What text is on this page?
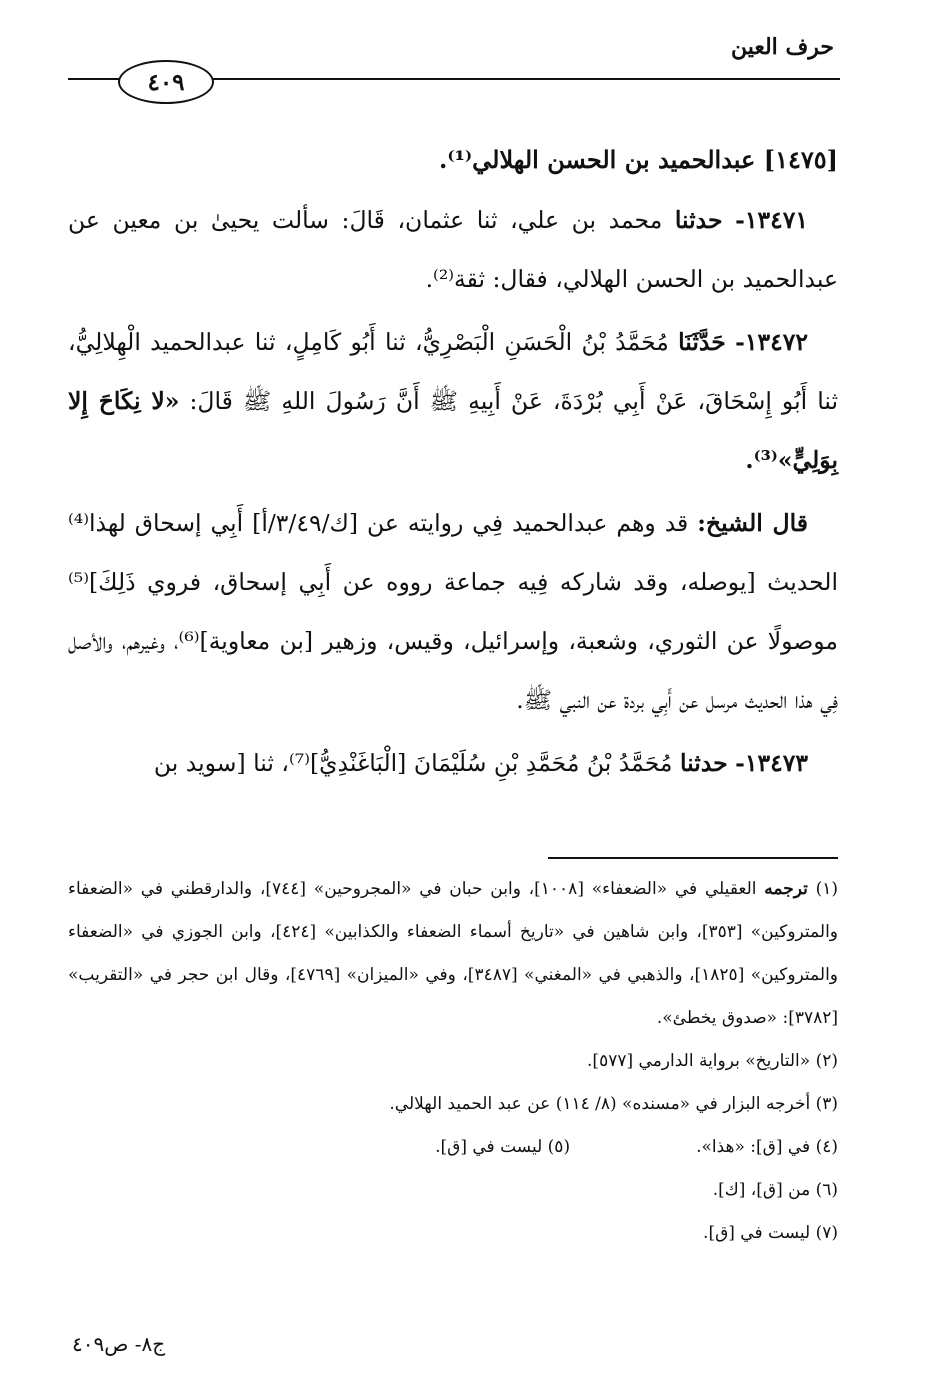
حرف العين
٤٠٩

[١٤٧٥] عبدالحميد بن الحسن الهلالي⁽¹⁾.

١٣٤٧١- حدثنا محمد بن علي، ثنا عثمان، قَالَ: سألت يحيىٰ بن معين عن عبدالحميد بن الحسن الهلالي، فقال: ثقة⁽²⁾.

١٣٤٧٢- حَدَّثَنَا مُحَمَّدُ بْنُ الْحَسَنِ الْبَصْرِيُّ، ثنا أَبُو كَامِلٍ، ثنا عبدالحميد الْهِلالِيُّ، ثنا أَبُو إِسْحَاقَ، عَنْ أَبِي بُرْدَةَ، عَنْ أَبِيهِ ﷺ أَنَّ رَسُولَ اللهِ ﷺ قَالَ: «لا نِكَاحَ إِلا بِوَلِيٍّ»⁽³⁾.

قال الشيخ: قد وهم عبدالحميد فِي روايته عن [ك/٣/٤٩/أ] أَبِي إسحاق لهذا⁽⁴⁾ الحديث [يوصله، وقد شاركه فِيه جماعة رووه عن أَبِي إسحاق، فروي ذَلِكَ]⁽⁵⁾ موصولًا عن الثوري، وشعبة، وإسرائيل، وقيس، وزهير [بن معاوية]⁽⁶⁾، وغيرهم، والأصل فِي هذا الحديث مرسل عن أَبِي بردة عن النبي ﷺ.

١٣٤٧٣- حدثنا مُحَمَّدُ بْنُ مُحَمَّدِ بْنِ سُلَيْمَانَ [الْبَاغَنْدِيُّ]⁽⁷⁾، ثنا [سويد بن

(١) ترجمه العقيلي في «الضعفاء» [١٠٠٨]، وابن حبان في «المجروحين» [٧٤٤]، والدارقطني في «الضعفاء والمتروكين» [٣٥٣]، وابن شاهين في «تاريخ أسماء الضعفاء والكذابين» [٤٢٤]، وابن الجوزي في «الضعفاء والمتروكين» [١٨٢٥]، والذهبي في «المغني» [٣٤٨٧]، وفي «الميزان» [٤٧٦٩]، وقال ابن حجر في «التقريب» [٣٧٨٢]: «صدوق يخطئ».

(٢) «التاريخ» برواية الدارمي [٥٧٧].

(٣) أخرجه البزار في «مسنده» (٨/ ١١٤) عن عبد الحميد الهلالي.

(٤) في [ق]: «هذا».
(٥) ليست في [ق].

(٦) من [ق]، [ك].

(٧) ليست في [ق].

ج٨- ص٤٠٩
